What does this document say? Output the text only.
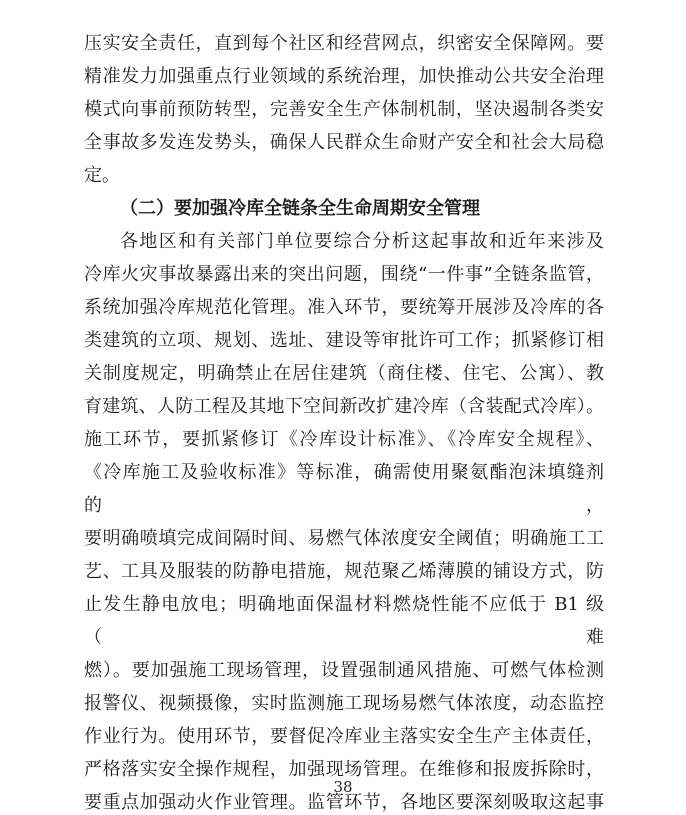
压实安全责任，直到每个社区和经营网点，织密安全保障网。要
精准发力加强重点行业领域的系统治理，加快推动公共安全治理
模式向事前预防转型，完善安全生产体制机制，坚决遏制各类安
全事故多发连发势头，确保人民群众生命财产安全和社会大局稳
定。
（二）要加强冷库全链条全生命周期安全管理
各地区和有关部门单位要综合分析这起事故和近年来涉及
冷库火灾事故暴露出来的突出问题，围绕“一件事”全链条监管，
系统加强冷库规范化管理。准入环节，要统筹开展涉及冷库的各
类建筑的立项、规划、选址、建设等审批许可工作；抓紧修订相
关制度规定，明确禁止在居住建筑（商住楼、住宅、公寓）、教
育建筑、人防工程及其地下空间新改扩建冷库（含装配式冷库）。
施工环节，要抓紧修订《冷库设计标准》、《冷库安全规程》、
《冷库施工及验收标准》等标准，确需使用聚氨酯泡沫填缝剂的，
要明确喷填完成间隔时间、易燃气体浓度安全阈值；明确施工工
艺、工具及服装的防静电措施，规范聚乙烯薄膜的铺设方式，防
止发生静电放电；明确地面保温材料燃烧性能不应低于 B1 级（难
燃）。要加强施工现场管理，设置强制通风措施、可燃气体检测
报警仪、视频摄像，实时监测施工现场易燃气体浓度，动态监控
作业行为。使用环节，要督促冷库业主落实安全生产主体责任，
严格落实安全操作规程，加强现场管理。在维修和报废拆除时，
要重点加强动火作业管理。监管环节，各地区要深刻吸取这起事
38
